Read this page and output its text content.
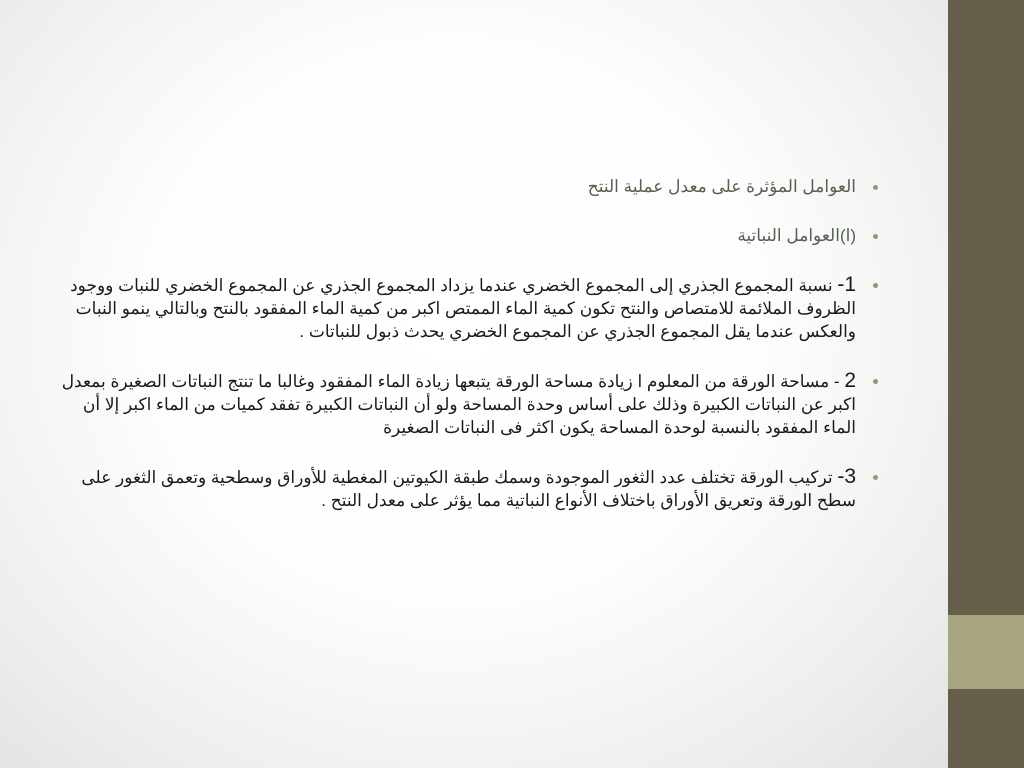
العوامل المؤثرة على معدل عملية النتح
(ا)العوامل النباتية
1- نسبة المجموع الجذري إلى المجموع الخضري عندما يزداد المجموع الجذري عن المجموع الخضري للنبات ووجود الظروف الملائمة للامتصاص والنتح تكون كمية الماء الممتص اكبر من كمية الماء المفقود بالنتح وبالتالي ينمو النبات والعكس عندما يقل المجموع الجذري عن المجموع الخضري يحدث ذبول للنباتات .
2 - مساحة الورقة من المعلوم ا زيادة مساحة الورقة يتبعها زيادة الماء المفقود وغالبا ما تنتج النباتات الصغيرة بمعدل اكبر عن النباتات الكبيرة وذلك على أساس وحدة المساحة ولو أن النباتات الكبيرة تفقد كميات من الماء اكبر إلا أن الماء المفقود بالنسبة لوحدة المساحة يكون اكثر فى النباتات الصغيرة
3- تركيب الورقة تختلف عدد الثغور الموجودة وسمك طبقة الكيوتين المغطية للأوراق وسطحية وتعمق الثغور على سطح الورقة وتعريق الأوراق باختلاف الأنواع النباتية مما يؤثر على معدل النتح .
